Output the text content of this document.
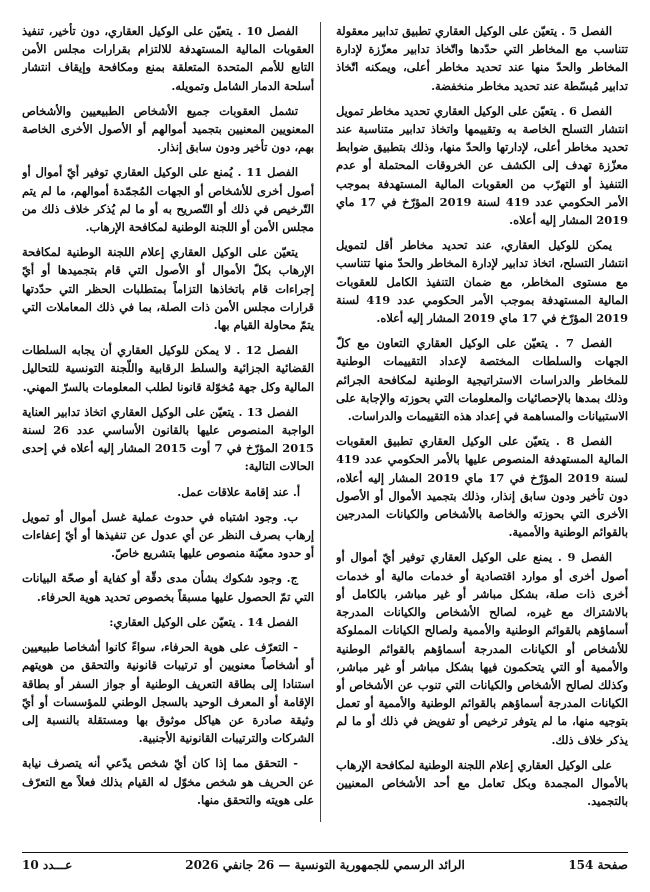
الفصل 5 . يتعيّن على الوكيل العقاري تطبيق تدابير معقولة تتناسب مع المخاطر التي حدّدها واتّخاذ تدابير معزّزة لإدارة المخاطر والحدّ منها عند تحديد مخاطر أعلى، ويمكنه اتّخاذ تدابير مُبسّطة عند تحديد مخاطر منخفضة.

الفصل 6 . يتعيّن على الوكيل العقاري تحديد مخاطر تمويل انتشار التسلح الخاصة به وتقييمها واتخاذ تدابير متناسبة عند تحديد مخاطر أعلى، لإدارتها والحدّ منها، وذلك بتطبيق ضوابط معزّزة تهدف إلى الكشف عن الخروقات المحتملة أو عدم التنفيذ أو التهرّب من العقوبات المالية المستهدفة بموجب الأمر الحكومي عدد 419 لسنة 2019 المؤرّخ في 17 ماي 2019 المشار إليه أعلاه.

يمكن للوكيل العقاري، عند تحديد مخاطر أقل لتمويل انتشار التسلح، اتخاذ تدابير لإدارة المخاطر والحدّ منها تتناسب مع مستوى المخاطر، مع ضمان التنفيذ الكامل للعقوبات المالية المستهدفة بموجب الأمر الحكومي عدد 419 لسنة 2019 المؤرّخ في 17 ماي 2019 المشار إليه أعلاه.

الفصل 7 . يتعيّن على الوكيل العقاري التعاون مع كلّ الجهات والسلطات المختصة لإعداد التقييمات الوطنية للمخاطر والدراسات الاستراتيجية الوطنية لمكافحة الجرائم وذلك بمدها بالإحصائيات والمعلومات التي بحوزته والإجابة على الاستبيانات والمساهمة في إعداد هذه التقييمات والدراسات.

الفصل 8 . يتعيّن على الوكيل العقاري تطبيق العقوبات المالية المستهدفة المنصوص عليها بالأمر الحكومي عدد 419 لسنة 2019 المؤرّخ في 17 ماي 2019 المشار إليه أعلاه، دون تأخير ودون سابق إنذار، وذلك بتجميد الأموال أو الأصول الأخرى التي بحوزته والخاصة بالأشخاص والكيانات المدرجين بالقوائم الوطنية والأممية.

الفصل 9 . يمنع على الوكيل العقاري توفير أيّ أموال أو أصول أخرى أو موارد اقتصادية أو خدمات مالية أو خدمات أخرى ذات صلة، بشكل مباشر أو غير مباشر، بالكامل أو بالاشتراك مع غيره، لصالح الأشخاص والكيانات المدرجة أسماؤهم بالقوائم الوطنية والأممية ولصالح الكيانات المملوكة للأشخاص أو الكيانات المدرجة أسماؤهم بالقوائم الوطنية والأممية أو التي يتحكمون فيها بشكل مباشر أو غير مباشر، وكذلك لصالح الأشخاص والكيانات التي تنوب عن الأشخاص أو الكيانات المدرجة أسماؤهم بالقوائم الوطنية والأممية أو تعمل بتوجيه منها، ما لم يتوفر ترخيص أو تفويض في ذلك أو ما لم يذكر خلاف ذلك.

على الوكيل العقاري إعلام اللجنة الوطنية لمكافحة الإرهاب بالأموال المجمدة وبكل تعامل مع أحد الأشخاص المعنيين بالتجميد.

الفصل 10 . يتعيّن على الوكيل العقاري، دون تأخير، تنفيذ العقوبات المالية المستهدفة للالتزام بقرارات مجلس الأمن التابع للأمم المتحدة المتعلقة بمنع ومكافحة وإيقاف انتشار أسلحة الدمار الشامل وتمويله.

تشمل العقوبات جميع الأشخاص الطبيعيين والأشخاص المعنويين المعنيين بتجميد أموالهم أو الأصول الأخرى الخاصة بهم، دون تأخير ودون سابق إنذار.

الفصل 11 . يُمنع على الوكيل العقاري توفير أيّ أموال أو أصول أخرى للأشخاص أو الجهات المُجمّدة أموالهم، ما لم يتم التّرخيص في ذلك أو التّصريح به أو ما لم يُذكر خلاف ذلك من مجلس الأمن أو اللجنة الوطنية لمكافحة الإرهاب.

يتعيّن على الوكيل العقاري إعلام اللجنة الوطنية لمكافحة الإرهاب بكلّ الأموال أو الأصول التي قام بتجميدها أو أيّ إجراءات قام باتخاذها التزاماً بمتطلبات الحظر التي حدّدتها قرارات مجلس الأمن ذات الصلة، بما في ذلك المعاملات التي يتمّ محاولة القيام بها.

الفصل 12 . لا يمكن للوكيل العقاري أن يجابه السلطات القضائية الجزائية والسلط الرقابية واللّجنة التونسية للتحاليل المالية وكل جهة مُخوّلة قانونا لطلب المعلومات بالسرّ المهني.

الفصل 13 . يتعيّن على الوكيل العقاري اتخاذ تدابير العناية الواجبة المنصوص عليها بالقانون الأساسي عدد 26 لسنة 2015 المؤرّخ في 7 أوت 2015 المشار إليه أعلاه في إحدى الحالات التالية:

أ. عند إقامة علاقات عمل.

ب. وجود اشتباه في حدوث عملية غسل أموال أو تمويل إرهاب بصرف النظر عن أي عدول عن تنفيذها أو أيّ إعفاءات أو حدود معيّنة منصوص عليها بتشريع خاصّ.

ج. وجود شكوك بشأن مدى دقّة أو كفاية أو صحّة البيانات التي تمّ الحصول عليها مسبقاً بخصوص تحديد هوية الحرفاء.

الفصل 14 . يتعيّن على الوكيل العقاري:

- التعرّف على هوية الحرفاء، سواءً كانوا أشخاصا طبيعيين أو أشخاصاً معنويين أو ترتيبات قانونية والتحقق من هويتهم استنادا إلى بطاقة التعريف الوطنية أو جواز السفر أو بطاقة الإقامة أو المعرف الوحيد بالسجل الوطني للمؤسسات أو أيّ وثيقة صادرة عن هياكل موثوق بها ومستقلة بالنسبة إلى الشركات والترتيبات القانونية الأجنبية.

- التحقق مما إذا كان أيّ شخص يدّعي أنه يتصرف نيابة عن الحريف هو شخص مخوّل له القيام بذلك فعلاً مع التعرّف على هويته والتحقق منها.

صفحة 154
الرائد الرسمي للجمهورية التونسية — 26 جانفي 2026
عـــدد 10
